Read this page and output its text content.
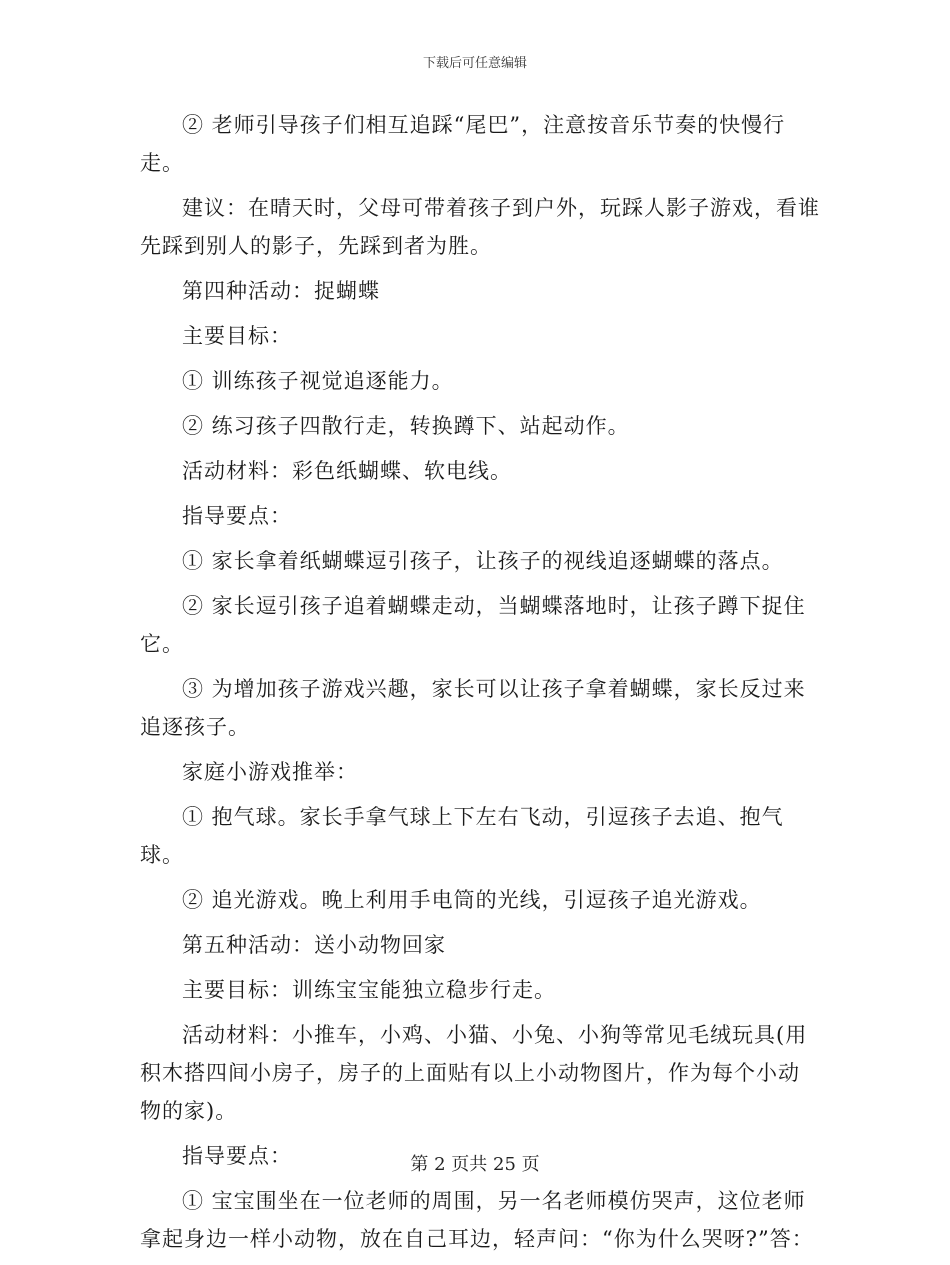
下载后可任意编辑

② 老师引导孩子们相互追踩“尾巴”，注意按音乐节奏的快慢行走。

建议：在晴天时，父母可带着孩子到户外，玩踩人影子游戏，看谁先踩到别人的影子，先踩到者为胜。

第四种活动：捉蝴蝶

主要目标：

① 训练孩子视觉追逐能力。

② 练习孩子四散行走，转换蹲下、站起动作。

活动材料：彩色纸蝴蝶、软电线。

指导要点：

① 家长拿着纸蝴蝶逗引孩子，让孩子的视线追逐蝴蝶的落点。

② 家长逗引孩子追着蝴蝶走动，当蝴蝶落地时，让孩子蹲下捉住它。

③ 为增加孩子游戏兴趣，家长可以让孩子拿着蝴蝶，家长反过来追逐孩子。

家庭小游戏推举：

① 抱气球。家长手拿气球上下左右飞动，引逗孩子去追、抱气球。

② 追光游戏。晚上利用手电筒的光线，引逗孩子追光游戏。

第五种活动：送小动物回家

主要目标：训练宝宝能独立稳步行走。

活动材料：小推车，小鸡、小猫、小兔、小狗等常见毛绒玩具(用积木搭四间小房子，房子的上面贴有以上小动物图片，作为每个小动物的家)。

指导要点：

① 宝宝围坐在一位老师的周围，另一名老师模仿哭声，这位老师拿起身边一样小动物，放在自己耳边，轻声问：“你为什么哭呀?”答：

第 2 页共 25 页
